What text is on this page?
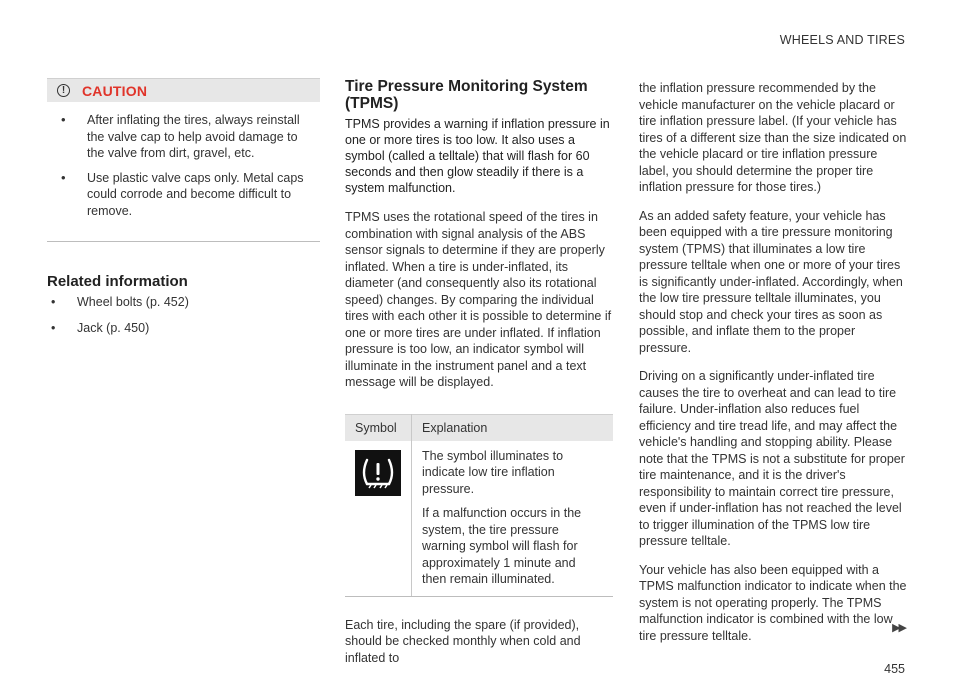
WHEELS AND TIRES
!	CAUTION
• After inflating the tires, always reinstall the valve cap to help avoid damage to the valve from dirt, gravel, etc.
• Use plastic valve caps only. Metal caps could corrode and become difficult to remove.
Related information
• Wheel bolts (p. 452)
• Jack (p. 450)
Tire Pressure Monitoring System (TPMS)

TPMS provides a warning if inflation pressure in one or more tires is too low. It also uses a symbol (called a telltale) that will flash for 60 seconds and then glow steadily if there is a system malfunction.

TPMS uses the rotational speed of the tires in combination with signal analysis of the ABS sensor signals to determine if they are properly inflated. When a tire is under-inflated, its diameter (and consequently also its rotational speed) changes. By comparing the individual tires with each other it is possible to determine if one or more tires are under inflated. If inflation pressure is too low, an indicator symbol will illuminate in the instrument panel and a text message will be displayed.

Symbol	Explanation

The symbol illuminates to indicate low tire inflation pressure.

If a malfunction occurs in the system, the tire pressure warning symbol will flash for approximately 1 minute and then remain illuminated.

Each tire, including the spare (if provided), should be checked monthly when cold and inflated to

the inflation pressure recommended by the vehicle manufacturer on the vehicle placard or tire inflation pressure label. (If your vehicle has tires of a different size than the size indicated on the vehicle placard or tire inflation pressure label, you should determine the proper tire inflation pressure for those tires.)

As an added safety feature, your vehicle has been equipped with a tire pressure monitoring system (TPMS) that illuminates a low tire pressure telltale when one or more of your tires is significantly under-inflated. Accordingly, when the low tire pressure telltale illuminates, you should stop and check your tires as soon as possible, and inflate them to the proper pressure.

Driving on a significantly under-inflated tire causes the tire to overheat and can lead to tire failure. Under-inflation also reduces fuel efficiency and tire tread life, and may affect the vehicle's handling and stopping ability. Please note that the TPMS is not a substitute for proper tire maintenance, and it is the driver's responsibility to maintain correct tire pressure, even if under-inflation has not reached the level to trigger illumination of the TPMS low tire pressure telltale.

Your vehicle has also been equipped with a TPMS malfunction indicator to indicate when the system is not operating properly. The TPMS malfunction indicator is combined with the low tire pressure telltale.

▶▶
455
